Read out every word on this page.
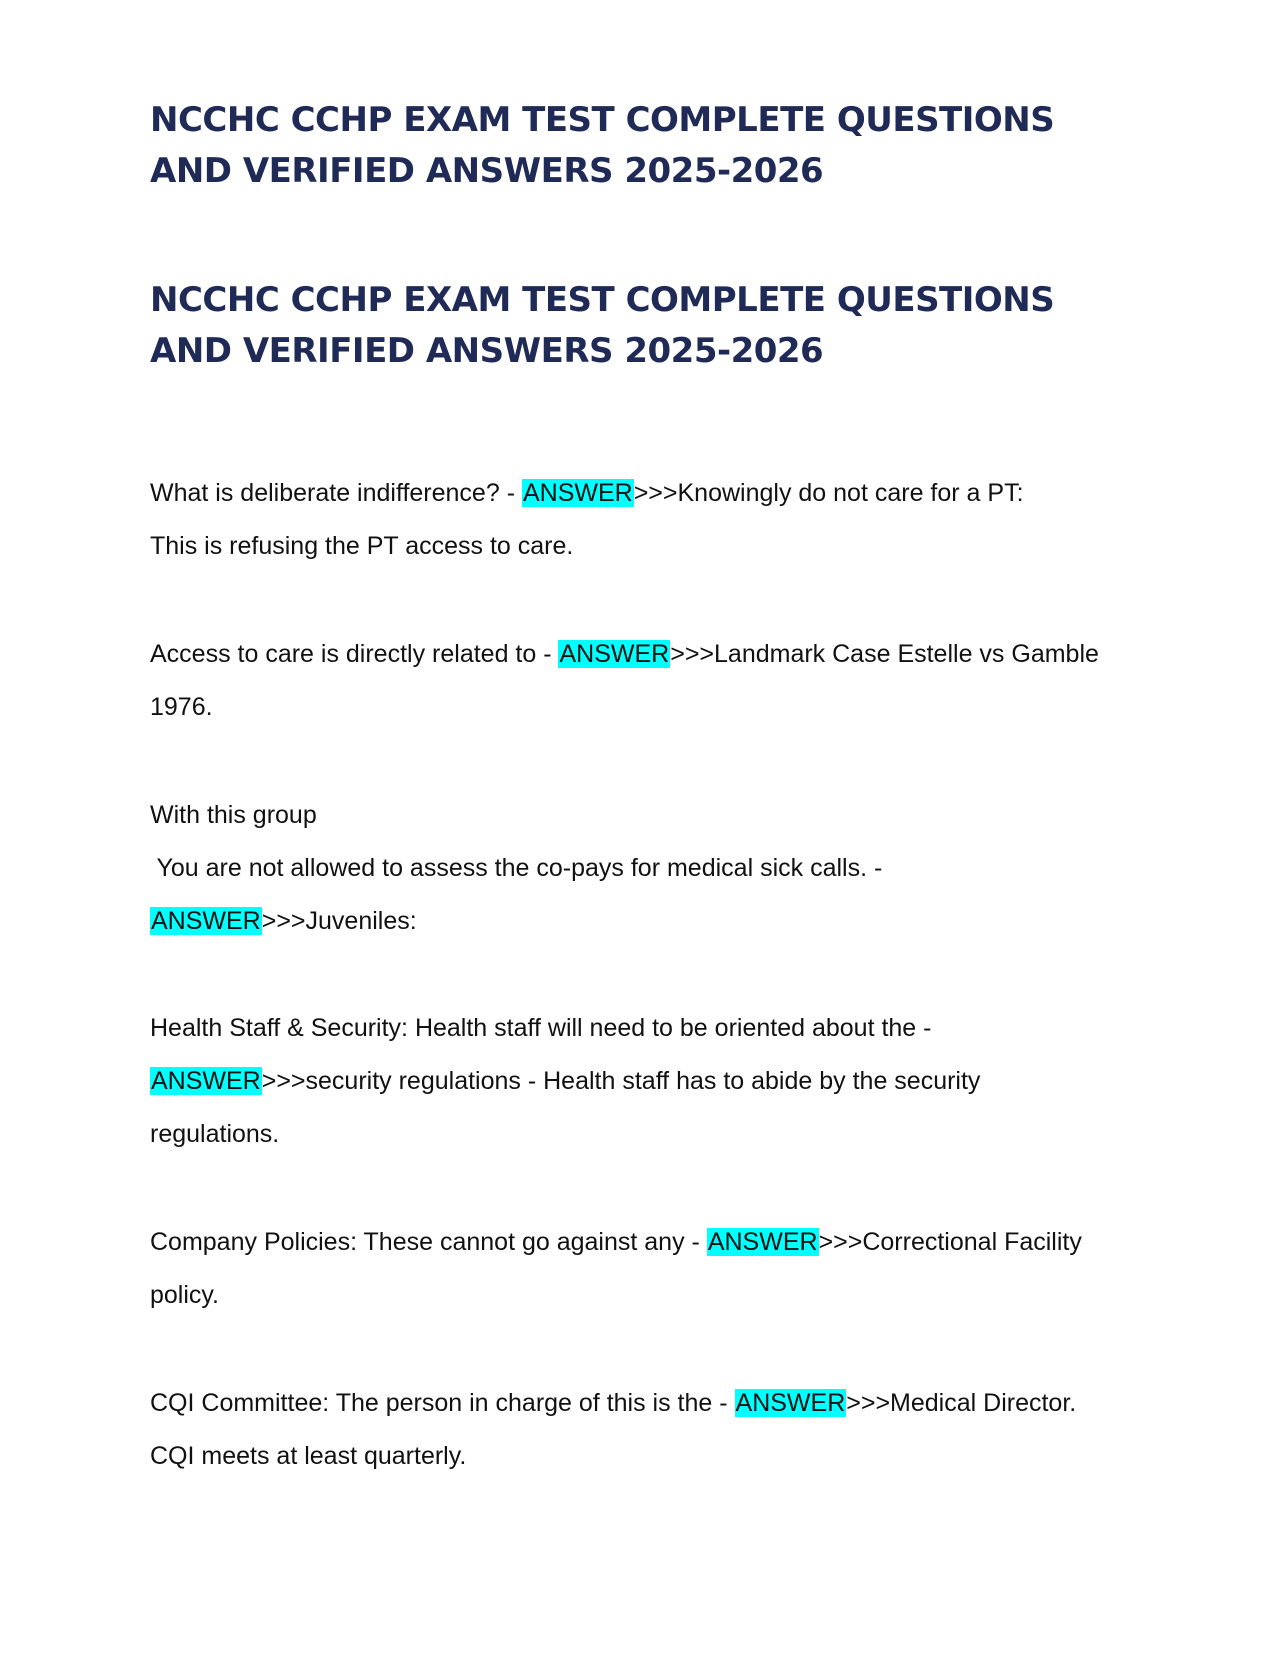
NCCHC CCHP EXAM TEST COMPLETE QUESTIONS
AND VERIFIED ANSWERS 2025-2026
NCCHC CCHP EXAM TEST COMPLETE QUESTIONS
AND VERIFIED ANSWERS 2025-2026

What is deliberate indifference? - ANSWER>>>Knowingly do not care for a PT:
This is refusing the PT access to care.

Access to care is directly related to - ANSWER>>>Landmark Case Estelle vs Gamble
1976.

With this group
You are not allowed to assess the co-pays for medical sick calls. -
ANSWER>>>Juveniles:

Health Staff & Security: Health staff will need to be oriented about the -
ANSWER>>>security regulations - Health staff has to abide by the security
regulations.

Company Policies: These cannot go against any - ANSWER>>>Correctional Facility
policy.

CQI Committee: The person in charge of this is the - ANSWER>>>Medical Director.
CQI meets at least quarterly.
